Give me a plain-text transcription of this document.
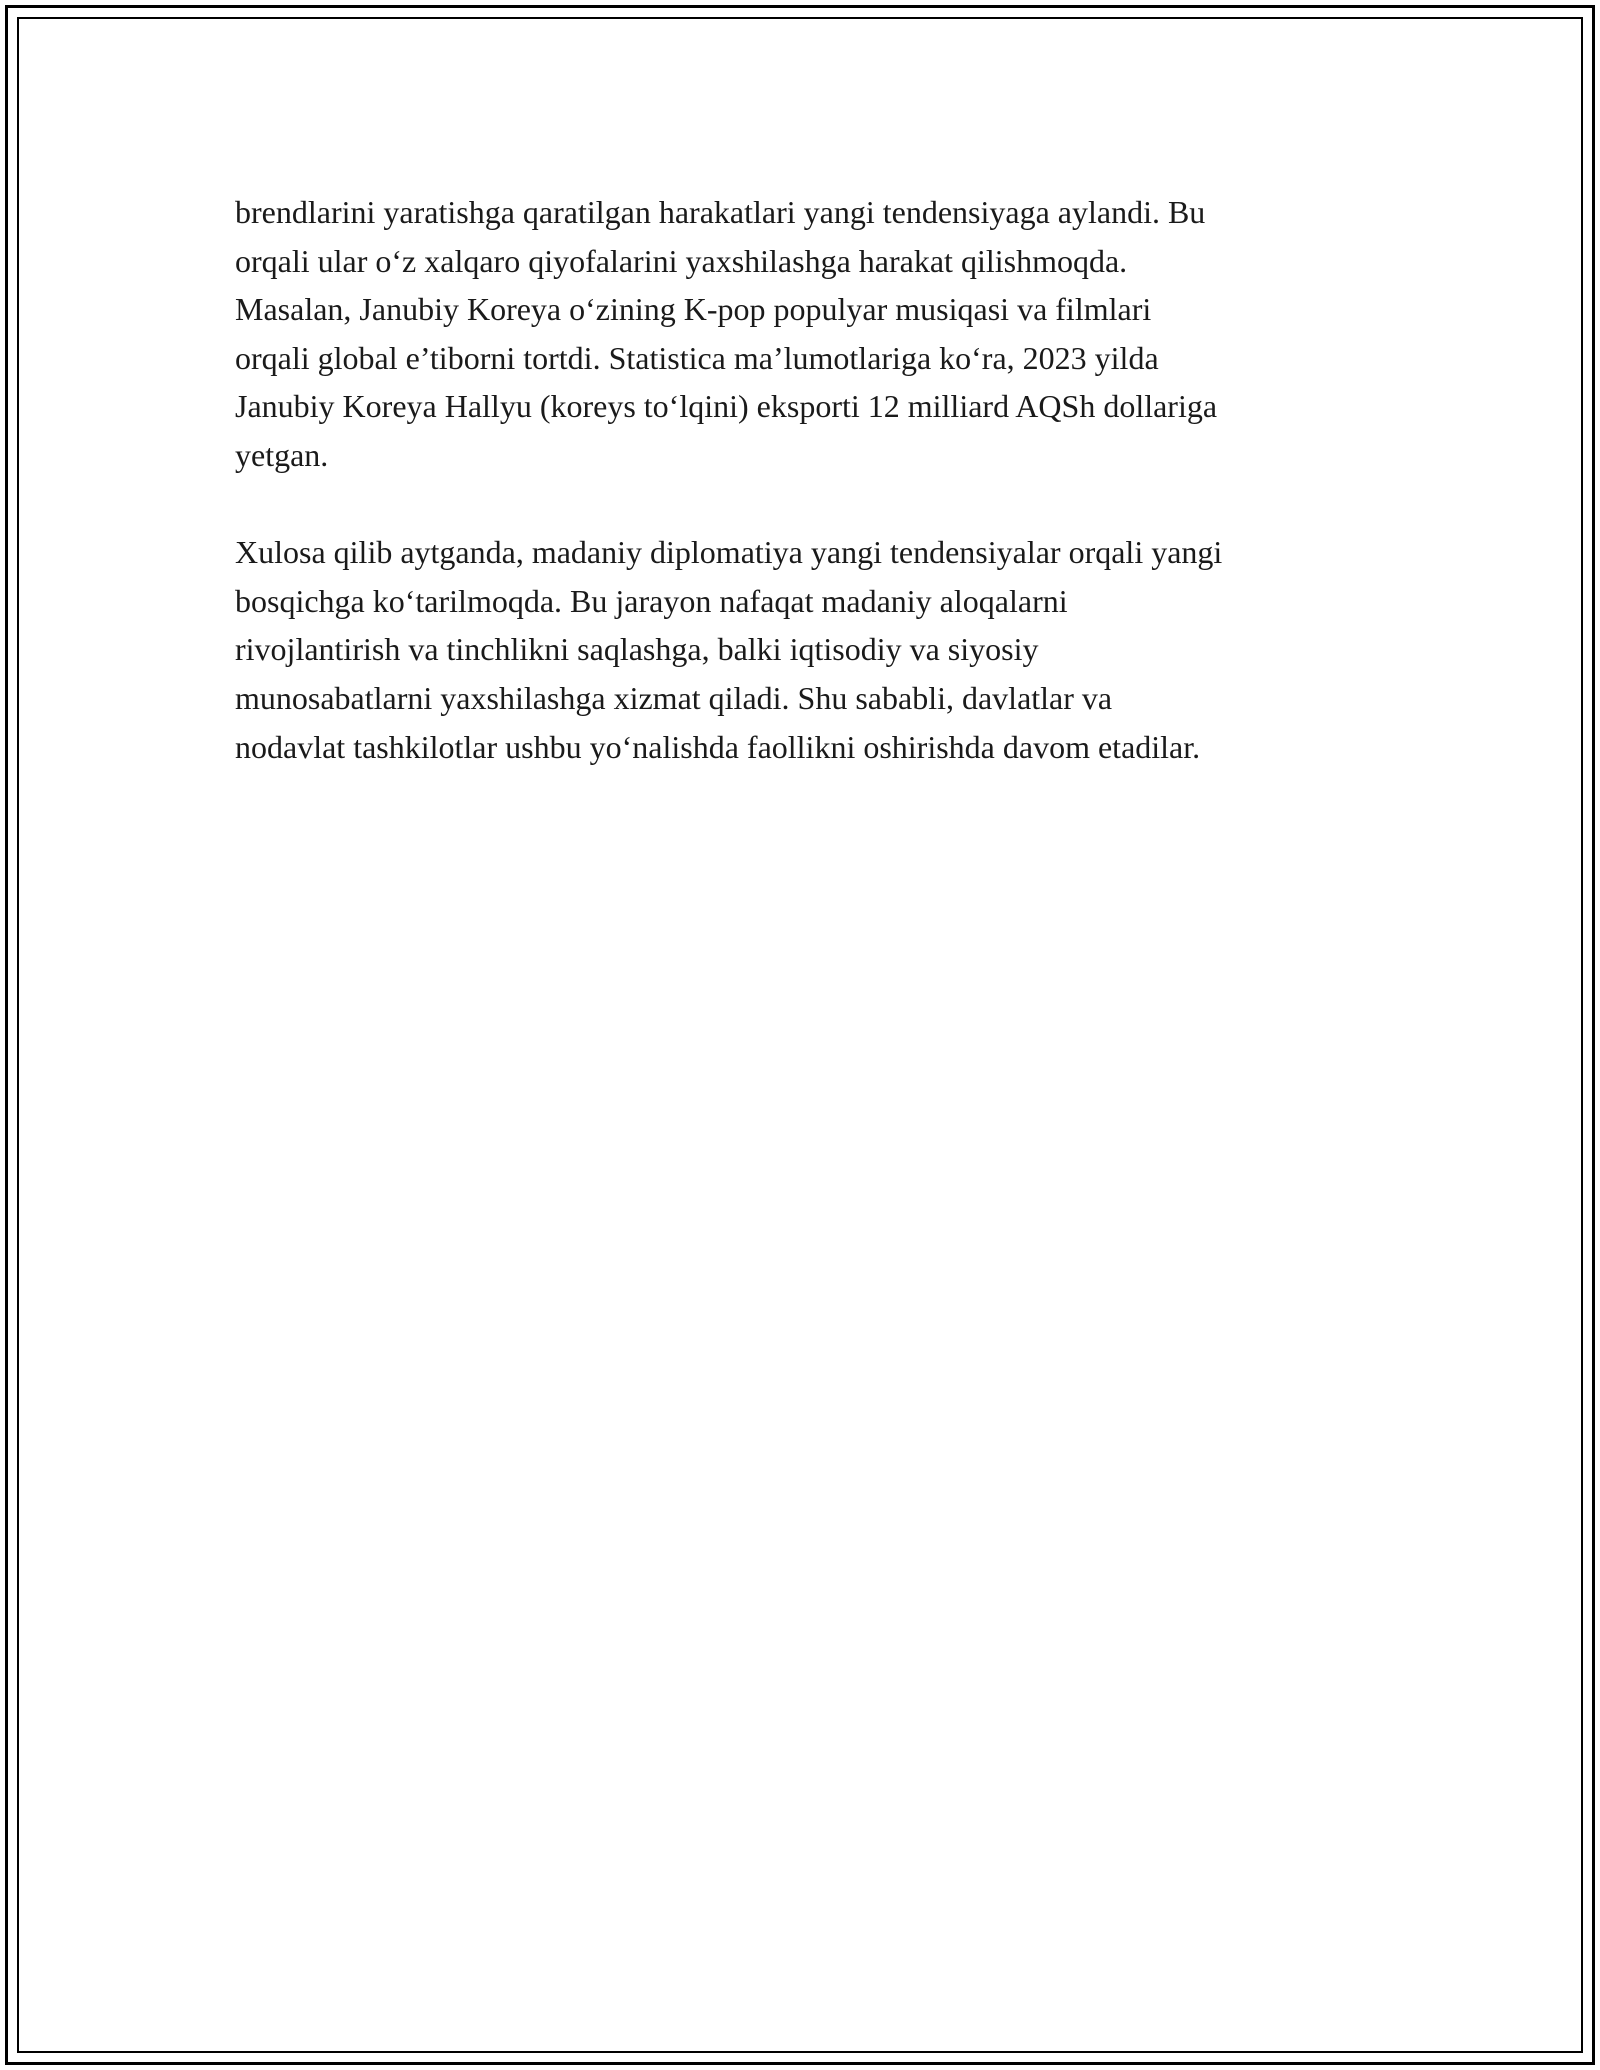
brendlarini yaratishga qaratilgan harakatlari yangi tendensiyaga aylandi. Bu
orqali ular o‘z xalqaro qiyofalarini yaxshilashga harakat qilishmoqda.
Masalan, Janubiy Koreya o‘zining K-pop populyar musiqasi va filmlari
orqali global e’tiborni tortdi. Statistica ma’lumotlariga ko‘ra, 2023 yilda
Janubiy Koreya Hallyu (koreys to‘lqini) eksporti 12 milliard AQSh dollariga
yetgan.

Xulosa qilib aytganda, madaniy diplomatiya yangi tendensiyalar orqali yangi
bosqichga ko‘tarilmoqda. Bu jarayon nafaqat madaniy aloqalarni
rivojlantirish va tinchlikni saqlashga, balki iqtisodiy va siyosiy
munosabatlarni yaxshilashga xizmat qiladi. Shu sababli, davlatlar va
nodavlat tashkilotlar ushbu yo‘nalishda faollikni oshirishda davom etadilar.
